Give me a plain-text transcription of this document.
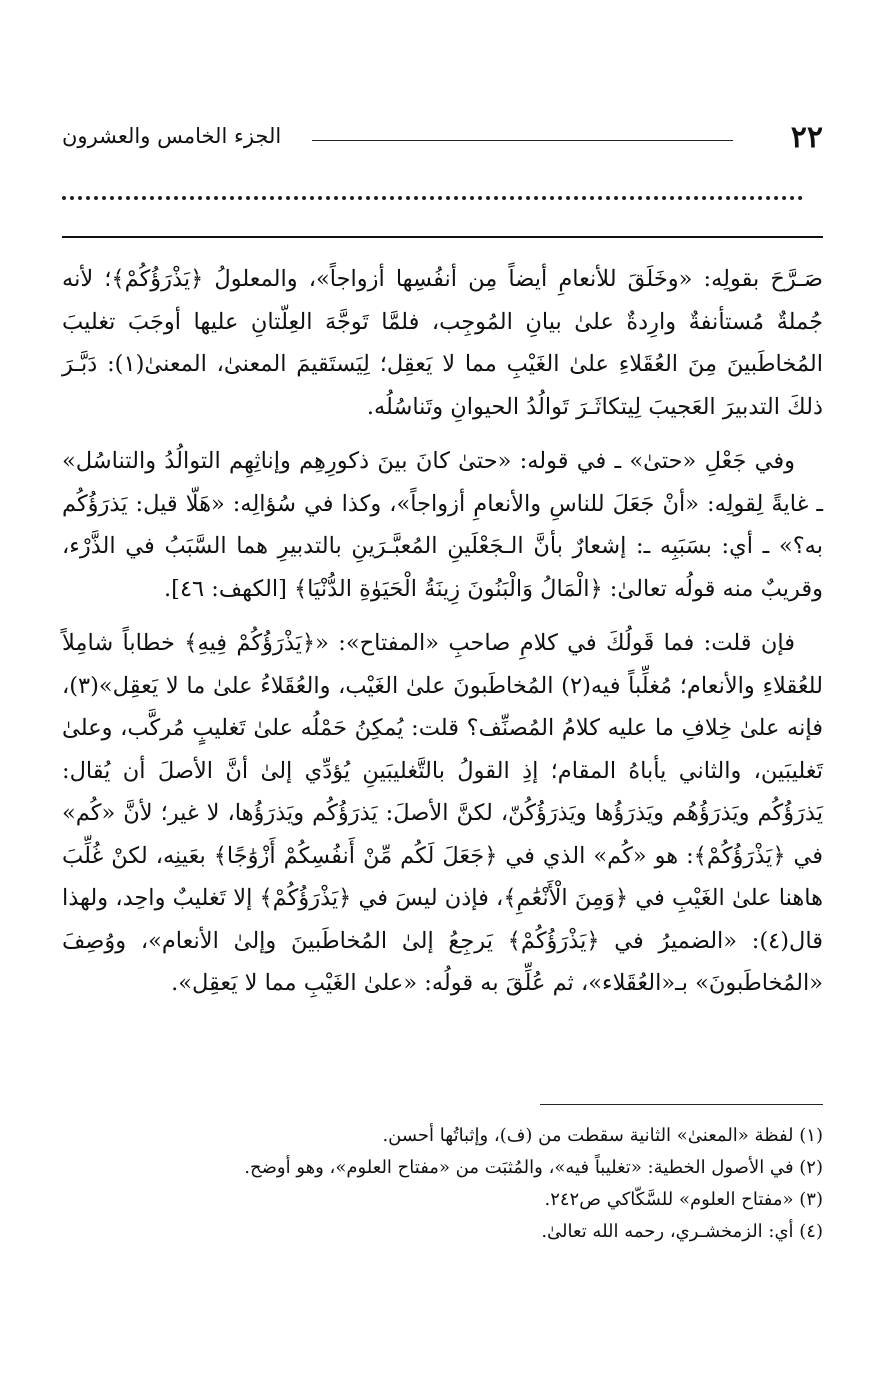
٢٢
الجزء الخامس والعشرون

صَـرَّحَ بقولِه: «وخَلَقَ للأنعامِ أيضاً مِن أنفُسِها أزواجاً»، والمعلولُ ﴿يَذْرَؤُكُمْ﴾؛ لأنه جُملةٌ مُستأنفةٌ وارِدةٌ علىٰ بيانِ المُوجِب، فلمَّا تَوجَّهَ العِلّتانِ عليها أوجَبَ تغليبَ المُخاطَبينَ مِنَ العُقَلاءِ علىٰ الغَيْبِ مما لا يَعقِل؛ لِيَستَقيمَ المعنىٰ، المعنىٰ(١): دَبَّـرَ ذلكَ التدبيرَ العَجيبَ لِيتكاثَـرَ تَوالُدُ الحيوانِ وتَناسُلُه.

وفي جَعْلِ «حتىٰ» ـ في قوله: «حتىٰ كانَ بينَ ذكورِهِم وإناثِهِم التوالُدُ والتناسُل» ـ غايةً لِقولِه: «أنْ جَعَلَ للناسِ والأنعامِ أزواجاً»، وكذا في سُؤالِه: «هَلّا قيل: يَذرَؤُكُم به؟» ـ أي: بسَبَبِه ـ: إشعارٌ بأنَّ الـجَعْلَينِ المُعبَّـرَينِ بالتدبيرِ هما السَّبَبُ في الذَّرْء، وقريبٌ منه قولُه تعالىٰ: ﴿الْمَالُ وَالْبَنُونَ زِينَةُ الْحَيَوٰةِ الدُّنْيَا﴾ [الكهف: ٤٦].

فإن قلت: فما قَولُكَ في كلامِ صاحبِ «المفتاح»: «﴿يَذْرَؤُكُمْ فِيهِ﴾ خطاباً شامِلاً للعُقلاءِ والأنعام؛ مُغلِّباً فيه(٢) المُخاطَبونَ علىٰ الغَيْب، والعُقَلاءُ علىٰ ما لا يَعقِل»(٣)، فإنه علىٰ خِلافِ ما عليه كلامُ المُصنِّف؟ قلت: يُمكِنُ حَمْلُه علىٰ تَغليبٍ مُركَّب، وعلىٰ تَغليبَين، والثاني يأباهُ المقام؛ إذِ القولُ بالتَّغليبَينِ يُؤدِّي إلىٰ أنَّ الأصلَ أن يُقال: يَذرَؤُكُم ويَذرَؤُهُم ويَذرَؤُها ويَذرَؤُكُنّ، لكنَّ الأصلَ: يَذرَؤُكُم ويَذرَؤُها، لا غير؛ لأنَّ «كُم» في ﴿يَذْرَؤُكُمْ﴾: هو «كُم» الذي في ﴿جَعَلَ لَكُم مِّنْ أَنفُسِكُمْ أَزْوَٰجًا﴾ بعَينِه، لكنْ غُلِّبَ هاهنا علىٰ الغَيْبِ في ﴿وَمِنَ الْأَنْعَٰمِ﴾، فإذن ليسَ في ﴿يَذْرَؤُكُمْ﴾ إلا تَغليبٌ واحِد، ولهذا قال(٤): «الضميرُ في ﴿يَذْرَؤُكُمْ﴾ يَرجِعُ إلىٰ المُخاطَبينَ وإلىٰ الأنعام»، ووُصِفَ «المُخاطَبونَ» بـ«العُقَلاء»، ثم عُلِّقَ به قولُه: «علىٰ الغَيْبِ مما لا يَعقِل».

(١) لفظة «المعنىٰ» الثانية سقطت من (ف)، وإثباتُها أحسن.

(٢) في الأصول الخطية: «تغليباً فيه»، والمُثبَت من «مفتاح العلوم»، وهو أوضح.

(٣) «مفتاح العلوم» للسَّكّاكي ص٢٤٢.

(٤) أي: الزمخشـري، رحمه الله تعالىٰ.
